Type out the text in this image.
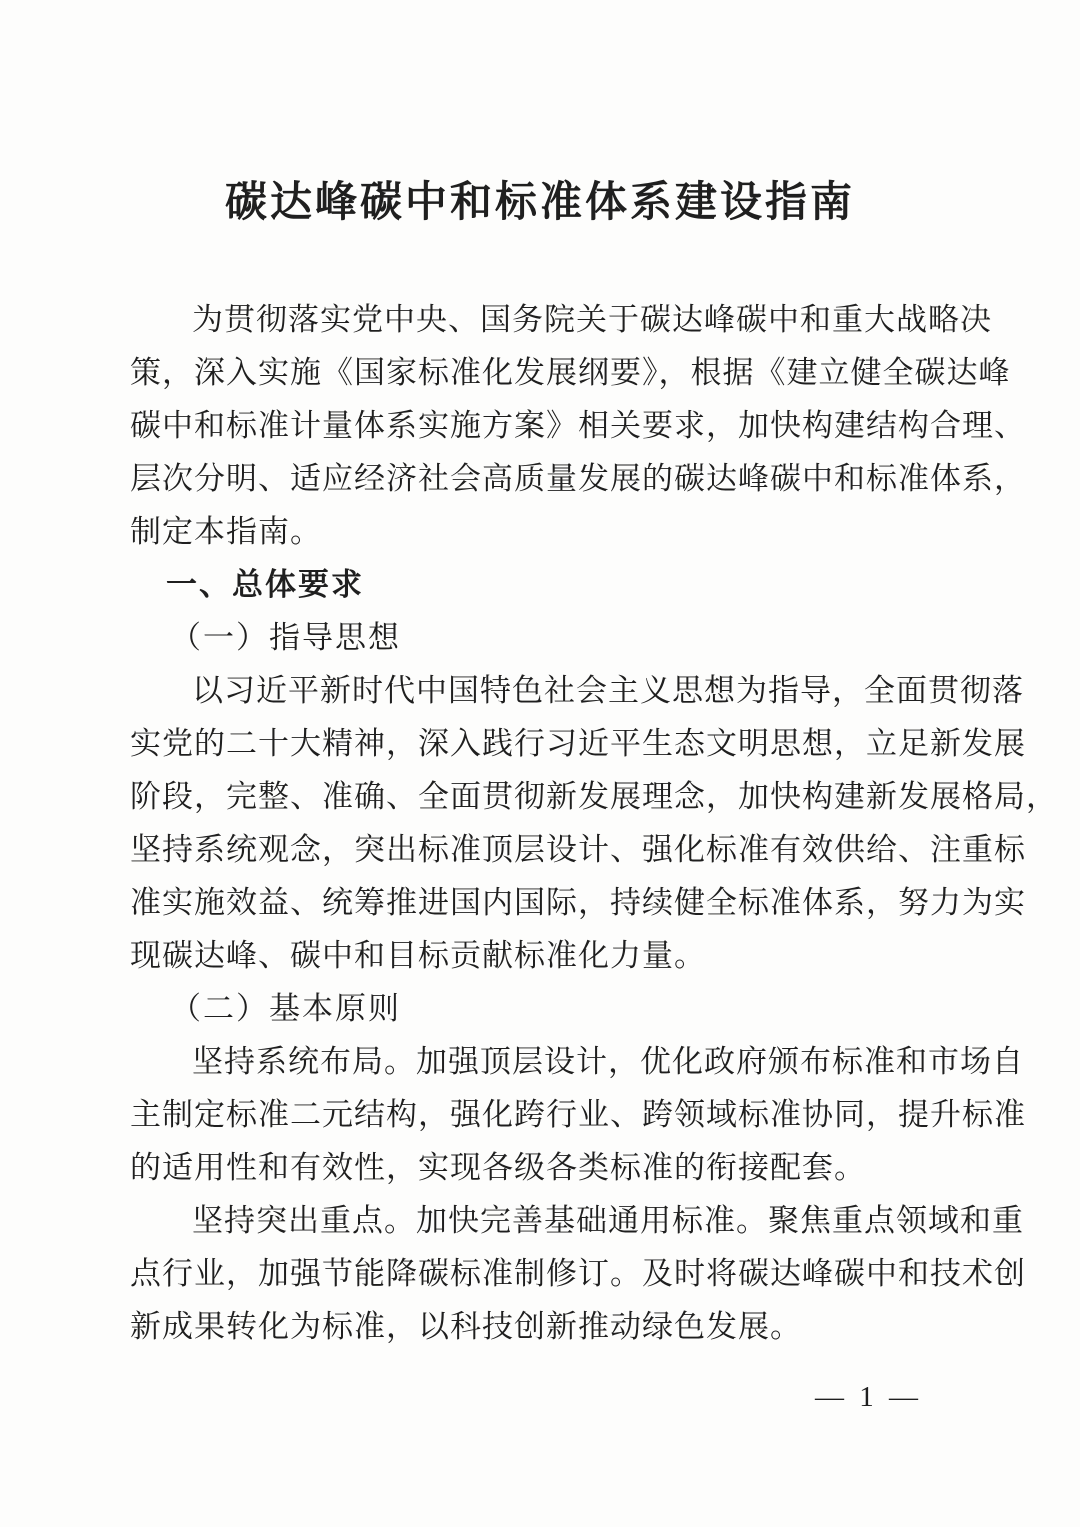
碳达峰碳中和标准体系建设指南
为贯彻落实党中央、国务院关于碳达峰碳中和重大战略决
策，深入实施《国家标准化发展纲要》，根据《建立健全碳达峰
碳中和标准计量体系实施方案》相关要求，加快构建结构合理、
层次分明、适应经济社会高质量发展的碳达峰碳中和标准体系，
制定本指南。
一、总体要求
（一）指导思想
以习近平新时代中国特色社会主义思想为指导，全面贯彻落
实党的二十大精神，深入践行习近平生态文明思想，立足新发展
阶段，完整、准确、全面贯彻新发展理念，加快构建新发展格局，
坚持系统观念，突出标准顶层设计、强化标准有效供给、注重标
准实施效益、统筹推进国内国际，持续健全标准体系，努力为实
现碳达峰、碳中和目标贡献标准化力量。
（二）基本原则
坚持系统布局。加强顶层设计，优化政府颁布标准和市场自
主制定标准二元结构，强化跨行业、跨领域标准协同，提升标准
的适用性和有效性，实现各级各类标准的衔接配套。
坚持突出重点。加快完善基础通用标准。聚焦重点领域和重
点行业，加强节能降碳标准制修订。及时将碳达峰碳中和技术创
新成果转化为标准，以科技创新推动绿色发展。
— 1 —
